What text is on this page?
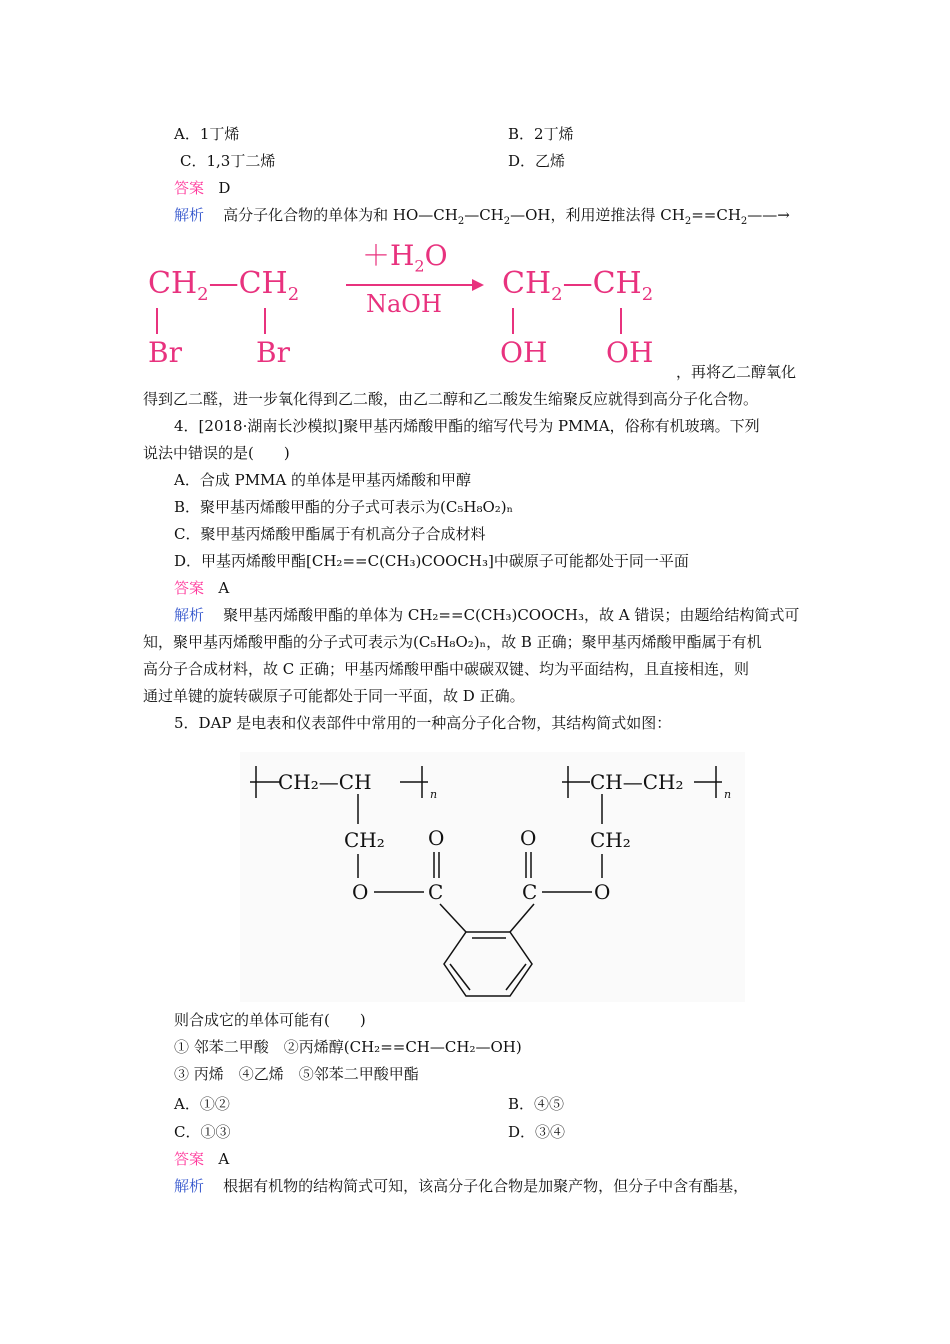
A．1丁烯	B．2丁烯
C．1,3丁二烯	D．乙烯
答案 D
解析 高分子化合物的单体为和 $HO—CH_2—CH_2—OH$，利用逆推法得 $CH_2==CH_2——\to$
$CH_2—CH_2$
Br	Br
$+H_2O$
NaOH
$CH_2—CH_2$
OH OH
，再将乙二醇氧化
得到乙二醛，进一步氧化得到乙二酸，由乙二醇和乙二酸发生缩聚反应就得到高分子化合物。
4．[2018·湖南长沙模拟]聚甲基丙烯酸甲酯的缩写代号为 PMMA，俗称有机玻璃。下列
说法中错误的是(　　)
A．合成 PMMA 的单体是甲基丙烯酸和甲醇
B．聚甲基丙烯酸甲酯的分子式可表示为(C₅H₈O₂)ₙ
C．聚甲基丙烯酸甲酯属于有机高分子合成材料
D．甲基丙烯酸甲酯[CH₂==C(CH₃)COOCH₃]中碳原子可能都处于同一平面
答案 A
解析 聚甲基丙烯酸甲酯的单体为 CH₂==C(CH₃)COOCH₃，故 A 错误；由题给结构简式可
知，聚甲基丙烯酸甲酯的分子式可表示为(C₅H₈O₂)ₙ，故 B 正确；聚甲基丙烯酸甲酯属于有机
高分子合成材料，故 C 正确；甲基丙烯酸甲酯中碳碳双键、均为平面结构，且直接相连，则
通过单键的旋转碳原子可能都处于同一平面，故 D 正确。
5．DAP 是电表和仪表部件中常用的一种高分子化合物，其结构简式如图：
CH₂—CH
n
CH—CH₂
n
CH₂	CH₂
O	O
O	C	C	O
则合成它的单体可能有(　　)
① 邻苯二甲酸　②丙烯醇(CH₂==CH—CH₂—OH)
③ 丙烯　④乙烯　⑤邻苯二甲酸甲酯
A．①②	B．④⑤
C．①③	D．③④
答案 A
解析 根据有机物的结构简式可知，该高分子化合物是加聚产物，但分子中含有酯基，
